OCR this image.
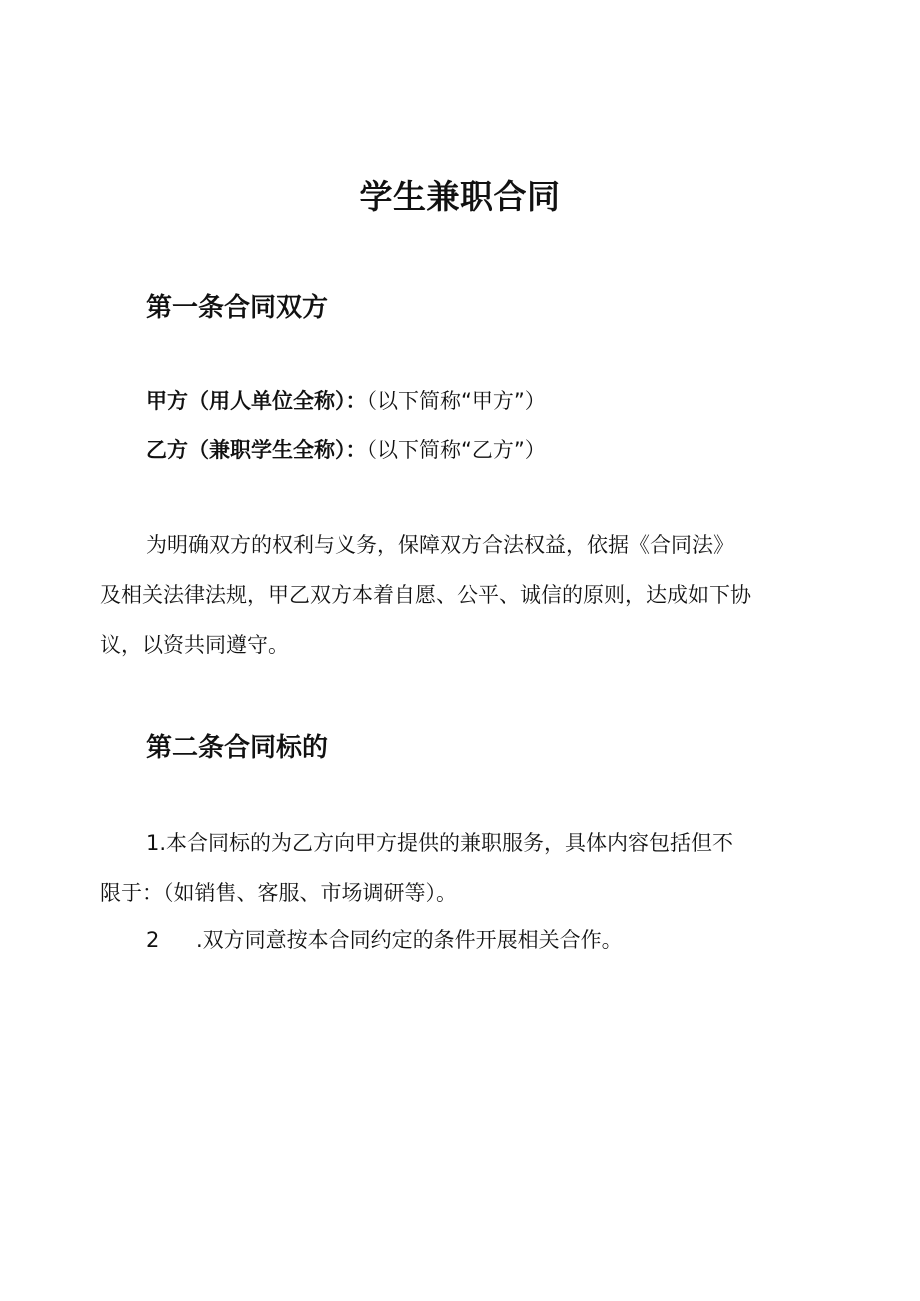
学生兼职合同
第一条合同双方
甲方（用人单位全称）：（以下简称“甲方”）
乙方（兼职学生全称）：（以下简称“乙方”）
为明确双方的权利与义务，保障双方合法权益，依据《合同法》
及相关法律法规，甲乙双方本着自愿、公平、诚信的原则，达成如下协
议，以资共同遵守。
第二条合同标的
1.本合同标的为乙方向甲方提供的兼职服务，具体内容包括但不
限于：（如销售、客服、市场调研等）。
2 .双方同意按本合同约定的条件开展相关合作。
